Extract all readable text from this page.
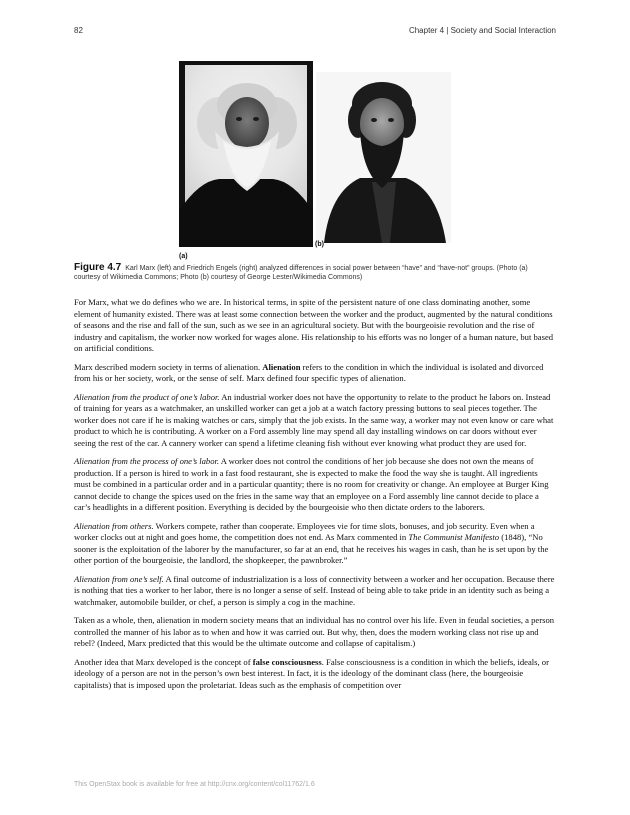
82	Chapter 4 | Society and Social Interaction
(a)
(b)
Figure 4.7 Karl Marx (left) and Friedrich Engels (right) analyzed differences in social power between “have” and “have-not” groups. (Photo (a) courtesy of Wikimedia Commons; Photo (b) courtesy of George Lester/Wikimedia Commons)

For Marx, what we do defines who we are. In historical terms, in spite of the persistent nature of one class dominating another, some element of humanity existed. There was at least some connection between the worker and the product, augmented by the natural conditions of seasons and the rise and fall of the sun, such as we see in an agricultural society. But with the bourgeoisie revolution and the rise of industry and capitalism, the worker now worked for wages alone. His relationship to his efforts was no longer of a human nature, but based on artificial conditions.

Marx described modern society in terms of alienation. Alienation refers to the condition in which the individual is isolated and divorced from his or her society, work, or the sense of self. Marx defined four specific types of alienation.

Alienation from the product of one’s labor. An industrial worker does not have the opportunity to relate to the product he labors on. Instead of training for years as a watchmaker, an unskilled worker can get a job at a watch factory pressing buttons to seal pieces together. The worker does not care if he is making watches or cars, simply that the job exists. In the same way, a worker may not even know or care what product to which he is contributing. A worker on a Ford assembly line may spend all day installing windows on car doors without ever seeing the rest of the car. A cannery worker can spend a lifetime cleaning fish without ever knowing what product they are used for.

Alienation from the process of one’s labor. A worker does not control the conditions of her job because she does not own the means of production. If a person is hired to work in a fast food restaurant, she is expected to make the food the way she is taught. All ingredients must be combined in a particular order and in a particular quantity; there is no room for creativity or change. An employee at Burger King cannot decide to change the spices used on the fries in the same way that an employee on a Ford assembly line cannot decide to place a car’s headlights in a different position. Everything is decided by the bourgeoisie who then dictate orders to the laborers.

Alienation from others. Workers compete, rather than cooperate. Employees vie for time slots, bonuses, and job security. Even when a worker clocks out at night and goes home, the competition does not end. As Marx commented in The Communist Manifesto (1848), “No sooner is the exploitation of the laborer by the manufacturer, so far at an end, that he receives his wages in cash, than he is set upon by the other portion of the bourgeoisie, the landlord, the shopkeeper, the pawnbroker.”

Alienation from one’s self. A final outcome of industrialization is a loss of connectivity between a worker and her occupation. Because there is nothing that ties a worker to her labor, there is no longer a sense of self. Instead of being able to take pride in an identity such as being a watchmaker, automobile builder, or chef, a person is simply a cog in the machine.

Taken as a whole, then, alienation in modern society means that an individual has no control over his life. Even in feudal societies, a person controlled the manner of his labor as to when and how it was carried out. But why, then, does the modern working class not rise up and rebel? (Indeed, Marx predicted that this would be the ultimate outcome and collapse of capitalism.)

Another idea that Marx developed is the concept of false consciousness. False consciousness is a condition in which the beliefs, ideals, or ideology of a person are not in the person’s own best interest. In fact, it is the ideology of the dominant class (here, the bourgeoisie capitalists) that is imposed upon the proletariat. Ideas such as the emphasis of competition over

This OpenStax book is available for free at http://cnx.org/content/col11762/1.6
